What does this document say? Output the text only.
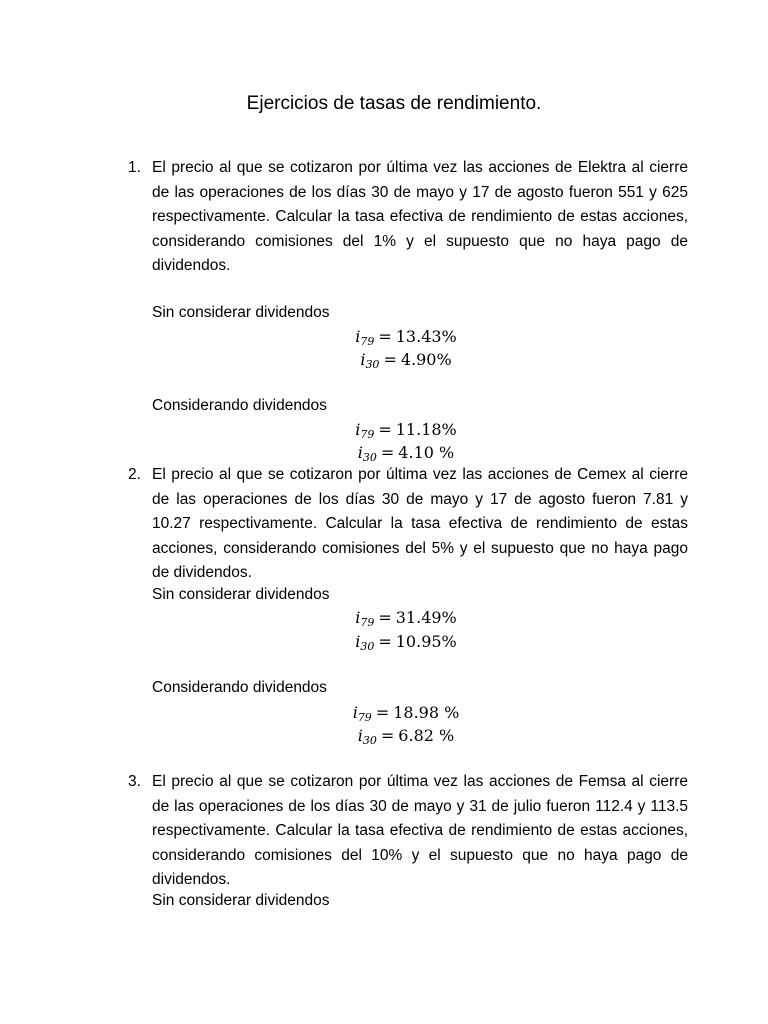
Ejercicios de tasas de rendimiento.
1. El precio al que se cotizaron por última vez las acciones de Elektra al cierre de las operaciones de los días 30 de mayo y 17 de agosto fueron 551 y 625 respectivamente. Calcular la tasa efectiva de rendimiento de estas acciones, considerando comisiones del 1% y el supuesto que no haya pago de dividendos.
Sin considerar dividendos
$i_{79} = 13.43\%$
$i_{30} = 4.90\%$
Considerando dividendos
$i_{79} = 11.18\%$
$i_{30} = 4.10$ %
2. El precio al que se cotizaron por última vez las acciones de Cemex al cierre de las operaciones de los días 30 de mayo y 17 de agosto fueron 7.81 y 10.27 respectivamente. Calcular la tasa efectiva de rendimiento de estas acciones, considerando comisiones del 5% y el supuesto que no haya pago de dividendos.
Sin considerar dividendos
$i_{79} = 31.49\%$
$i_{30} = 10.95\%$
Considerando dividendos
$i_{79} = 18.98$ %
$i_{30} = 6.82$ %
3. El precio al que se cotizaron por última vez las acciones de Femsa al cierre de las operaciones de los días 30 de mayo y 31 de julio fueron 112.4 y 113.5 respectivamente. Calcular la tasa efectiva de rendimiento de estas acciones, considerando comisiones del 10% y el supuesto que no haya pago de dividendos.
Sin considerar dividendos
